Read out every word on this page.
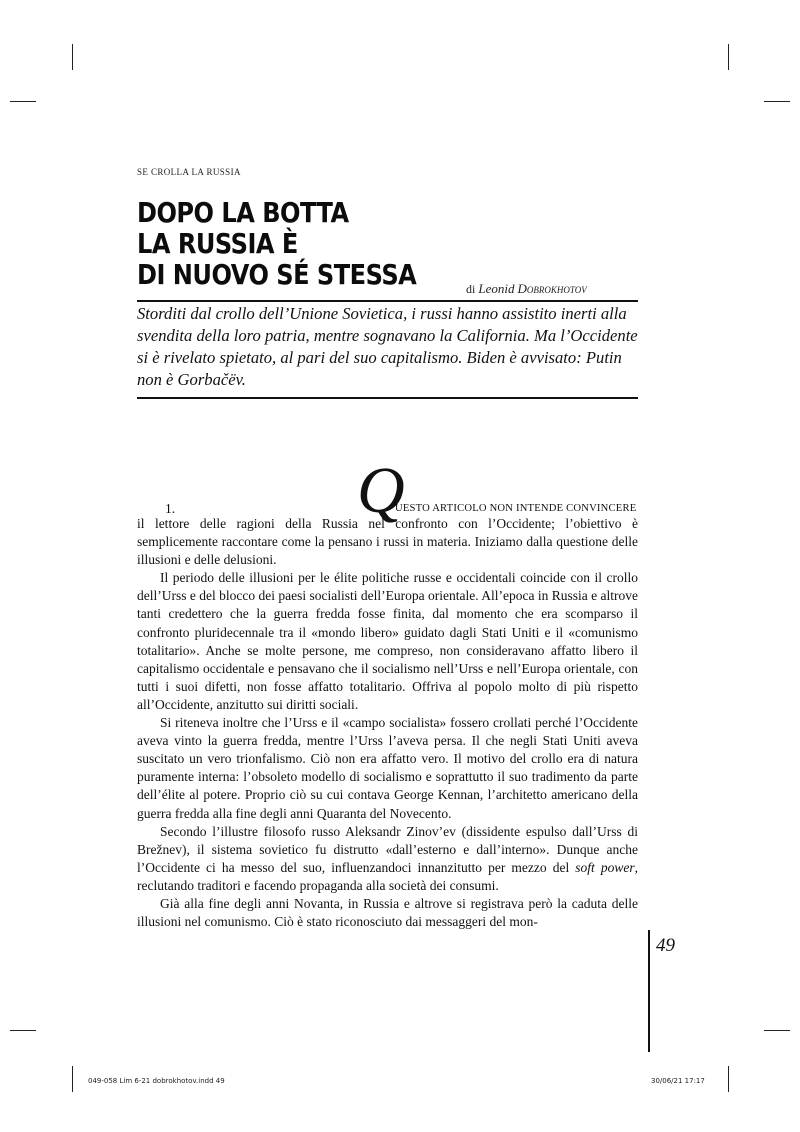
SE CROLLA LA RUSSIA
DOPO LA BOTTA
LA RUSSIA È
DI NUOVO SÉ STESSA	di Leonid Dobrokhotov

Storditi dal crollo dell’Unione Sovietica, i russi hanno assistito inerti alla svendita della loro patria, mentre sognavano la California. Ma l’Occidente si è rivelato spietato, al pari del suo capitalismo. Biden è avvisato: Putin non è Gorbačëv.

Q
1.	UESTO ARTICOLO NON INTENDE CONVINCERE

il lettore delle ragioni della Russia nel confronto con l’Occidente; l’obiettivo è semplicemente raccontare come la pensano i russi in materia. Iniziamo dalla questione delle illusioni e delle delusioni.

Il periodo delle illusioni per le élite politiche russe e occidentali coincide con il crollo dell’Urss e del blocco dei paesi socialisti dell’Europa orientale. All’epoca in Russia e altrove tanti credettero che la guerra fredda fosse finita, dal momento che era scomparso il confronto pluridecennale tra il «mondo libero» guidato dagli Stati Uniti e il «comunismo totalitario». Anche se molte persone, me compreso, non consideravano affatto libero il capitalismo occidentale e pensavano che il socialismo nell’Urss e nell’Europa orientale, con tutti i suoi difetti, non fosse affatto totalitario. Offriva al popolo molto di più rispetto all’Occidente, anzitutto sui diritti sociali.

Si riteneva inoltre che l’Urss e il «campo socialista» fossero crollati perché l’Occidente aveva vinto la guerra fredda, mentre l’Urss l’aveva persa. Il che negli Stati Uniti aveva suscitato un vero trionfalismo. Ciò non era affatto vero. Il motivo del crollo era di natura puramente interna: l’obsoleto modello di socialismo e soprattutto il suo tradimento da parte dell’élite al potere. Proprio ciò su cui contava George Kennan, l’architetto americano della guerra fredda alla fine degli anni Quaranta del Novecento.

Secondo l’illustre filosofo russo Aleksandr Zinov’ev (dissidente espulso dall’Urss di Brežnev), il sistema sovietico fu distrutto «dall’esterno e dall’interno». Dunque anche l’Occidente ci ha messo del suo, influenzandoci innanzitutto per mezzo del soft power, reclutando traditori e facendo propaganda alla società dei consumi.

Già alla fine degli anni Novanta, in Russia e altrove si registrava però la caduta delle illusioni nel comunismo. Ciò è stato riconosciuto dai messaggeri del mon-

49
049-058 Lim 6-21 dobrokhotov.indd 49	30/06/21 17:17
